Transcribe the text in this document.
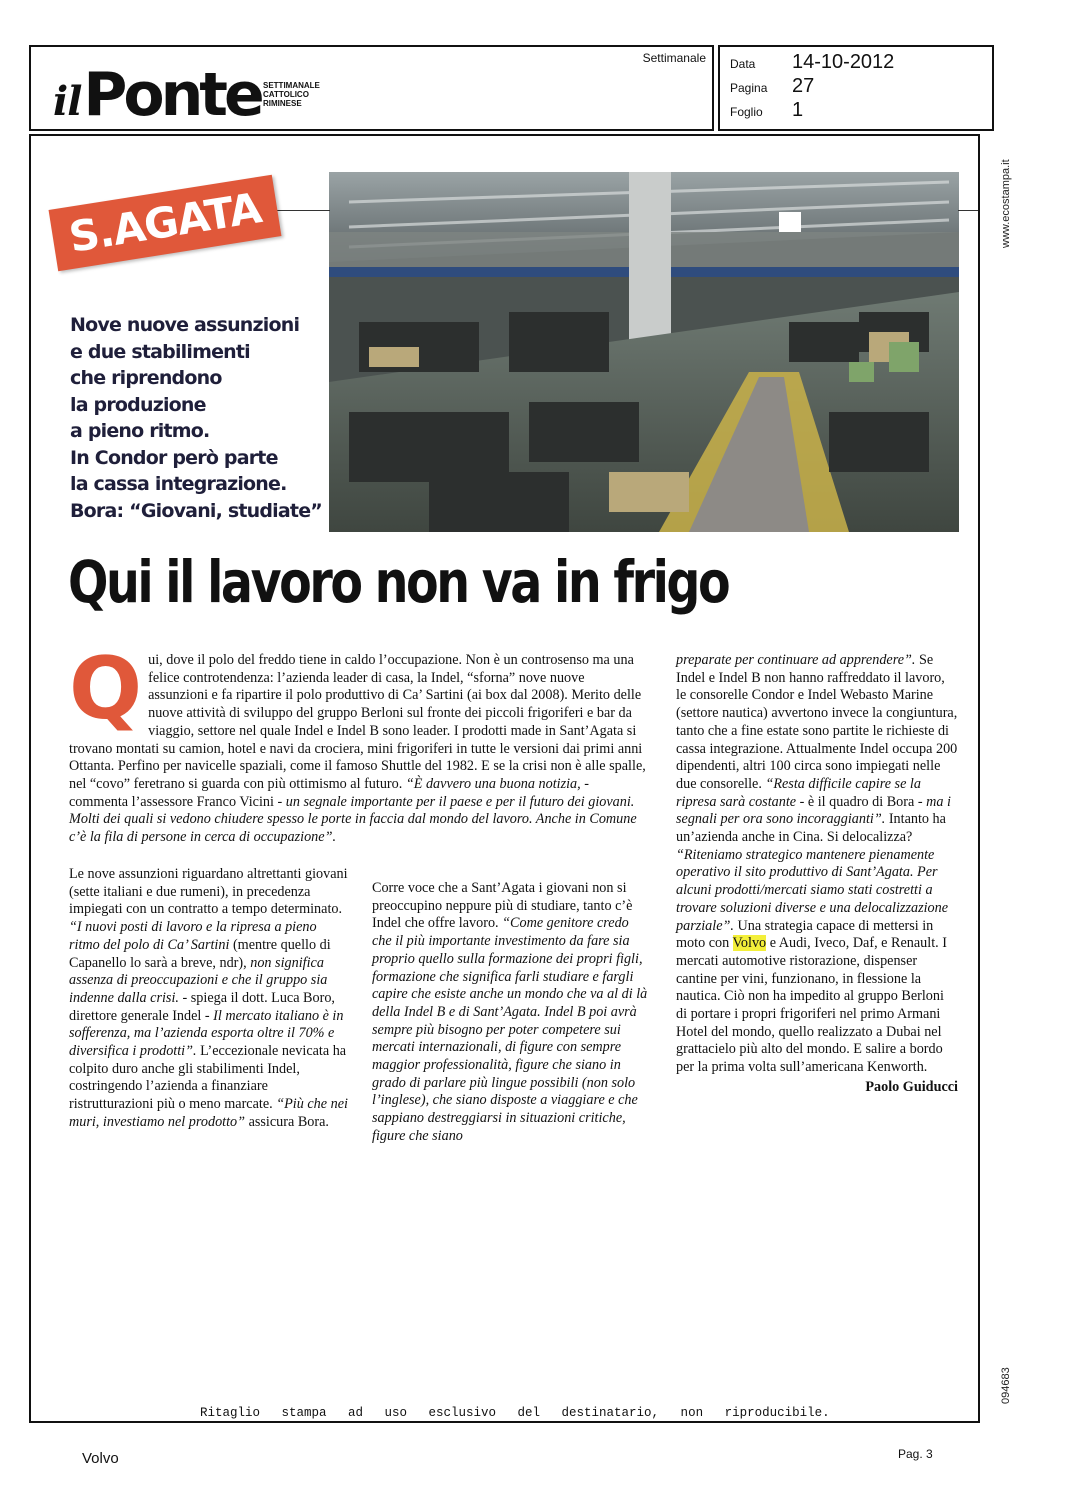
il Ponte SETTIMANALE
CATTOLICO
RIMINESE
Settimanale Data 14-10-2012
Pagina 27
Foglio 1
www.ecostampa.it
094683
S.AGATA
Nove nuove assunzioni
e due stabilimenti
che riprendono
la produzione
a pieno ritmo.
In Condor però parte
la cassa integrazione.
Bora: “Giovani, studiate”
Qui il lavoro non va in frigo
Q ui, dove il polo del freddo tiene in caldo l’occupazione. Non è un controsenso ma una felice controtendenza: l’azienda leader di casa, la Indel, “sforna” nove nuove assunzioni e fa ripartire il polo produttivo di Ca’ Sartini (ai box dal 2008). Merito delle nuove attività di sviluppo del gruppo Berloni sul fronte dei piccoli frigoriferi e bar da viaggio, settore nel quale Indel e Indel B sono leader. I prodotti made in Sant’Agata si trovano montati su camion, hotel e navi da crociera, mini frigoriferi in tutte le versioni dai primi anni Ottanta. Perfino per navicelle spaziali, come il famoso Shuttle del 1982. E se la crisi non è alle spalle, nel “covo” feretrano si guarda con più ottimismo al futuro. “È davvero una buona notizia, - commenta l’assessore Franco Vicini - un segnale importante per il paese e per il futuro dei giovani. Molti dei quali si vedono chiudere spesso le porte in faccia dal mondo del lavoro. Anche in Comune c’è la fila di persone in cerca di occupazione”.
Le nove assunzioni riguardano altrettanti giovani (sette italiani e due rumeni), in precedenza impiegati con un contratto a tempo determinato. “I nuovi posti di lavoro e la ripresa a pieno ritmo del polo di Ca’ Sartini (mentre quello di Capanello lo sarà a breve, ndr), non significa assenza di preoccupazioni e che il gruppo sia indenne dalla crisi. - spiega il dott. Luca Boro, direttore generale Indel - Il mercato italiano è in sofferenza, ma l’azienda esporta oltre il 70% e diversifica i prodotti”. L’eccezionale nevicata ha colpito duro anche gli stabilimenti Indel, costringendo l’azienda a finanziare ristrutturazioni più o meno marcate. “Più che nei muri, investiamo nel prodotto” assicura Bora.
Corre voce che a Sant’Agata i giovani non si preoccupino neppure più di studiare, tanto c’è Indel che offre lavoro. “Come genitore credo che il più importante investimento da fare sia proprio quello sulla formazione dei propri figli, formazione che significa farli studiare e fargli capire che esiste anche un mondo che va al di là della Indel B e di Sant’Agata. Indel B poi avrà sempre più bisogno per poter competere sui mercati internazionali, di figure con sempre maggior professionalità, figure che siano in grado di parlare più lingue possibili (non solo l’inglese), che siano disposte a viaggiare e che sappiano destreggiarsi in situazioni critiche, figure che siano
preparate per continuare ad apprendere”. Se Indel e Indel B non hanno raffreddato il lavoro, le consorelle Condor e Indel Webasto Marine (settore nautica) avvertono invece la congiuntura, tanto che a fine estate sono partite le richieste di cassa integrazione. Attualmente Indel occupa 200 dipendenti, altri 100 circa sono impiegati nelle due consorelle. “Resta difficile capire se la ripresa sarà costante - è il quadro di Bora - ma i segnali per ora sono incoraggianti”. Intanto ha un’azienda anche in Cina. Si delocalizza? “Riteniamo strategico mantenere pienamente operativo il sito produttivo di Sant’Agata. Per alcuni prodotti/mercati siamo stati costretti a trovare soluzioni diverse e una delocalizzazione parziale”. Una strategia capace di mettersi in moto con Volvo e Audi, Iveco, Daf, e Renault. I mercati automotive ristorazione, dispenser cantine per vini, funzionano, in flessione la nautica. Ciò non ha impedito al gruppo Berloni di portare i propri frigoriferi nel primo Armani Hotel del mondo, quello realizzato a Dubai nel grattacielo più alto del mondo. E salire a bordo per la prima volta sull’americana Kenworth.
Paolo Guiducci
Ritaglio stampa ad uso esclusivo del destinatario, non riproducibile.
Volvo	Pag. 3
